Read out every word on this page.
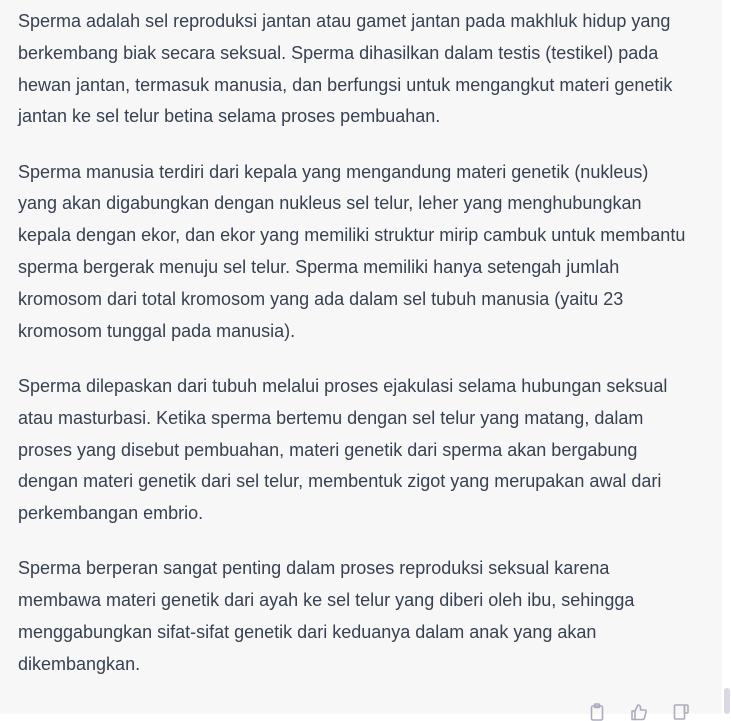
Sperma adalah sel reproduksi jantan atau gamet jantan pada makhluk hidup yang berkembang biak secara seksual. Sperma dihasilkan dalam testis (testikel) pada hewan jantan, termasuk manusia, dan berfungsi untuk mengangkut materi genetik jantan ke sel telur betina selama proses pembuahan.

Sperma manusia terdiri dari kepala yang mengandung materi genetik (nukleus) yang akan digabungkan dengan nukleus sel telur, leher yang menghubungkan kepala dengan ekor, dan ekor yang memiliki struktur mirip cambuk untuk membantu sperma bergerak menuju sel telur. Sperma memiliki hanya setengah jumlah kromosom dari total kromosom yang ada dalam sel tubuh manusia (yaitu 23 kromosom tunggal pada manusia).

Sperma dilepaskan dari tubuh melalui proses ejakulasi selama hubungan seksual atau masturbasi. Ketika sperma bertemu dengan sel telur yang matang, dalam proses yang disebut pembuahan, materi genetik dari sperma akan bergabung dengan materi genetik dari sel telur, membentuk zigot yang merupakan awal dari perkembangan embrio.

Sperma berperan sangat penting dalam proses reproduksi seksual karena membawa materi genetik dari ayah ke sel telur yang diberi oleh ibu, sehingga menggabungkan sifat-sifat genetik dari keduanya dalam anak yang akan dikembangkan.
